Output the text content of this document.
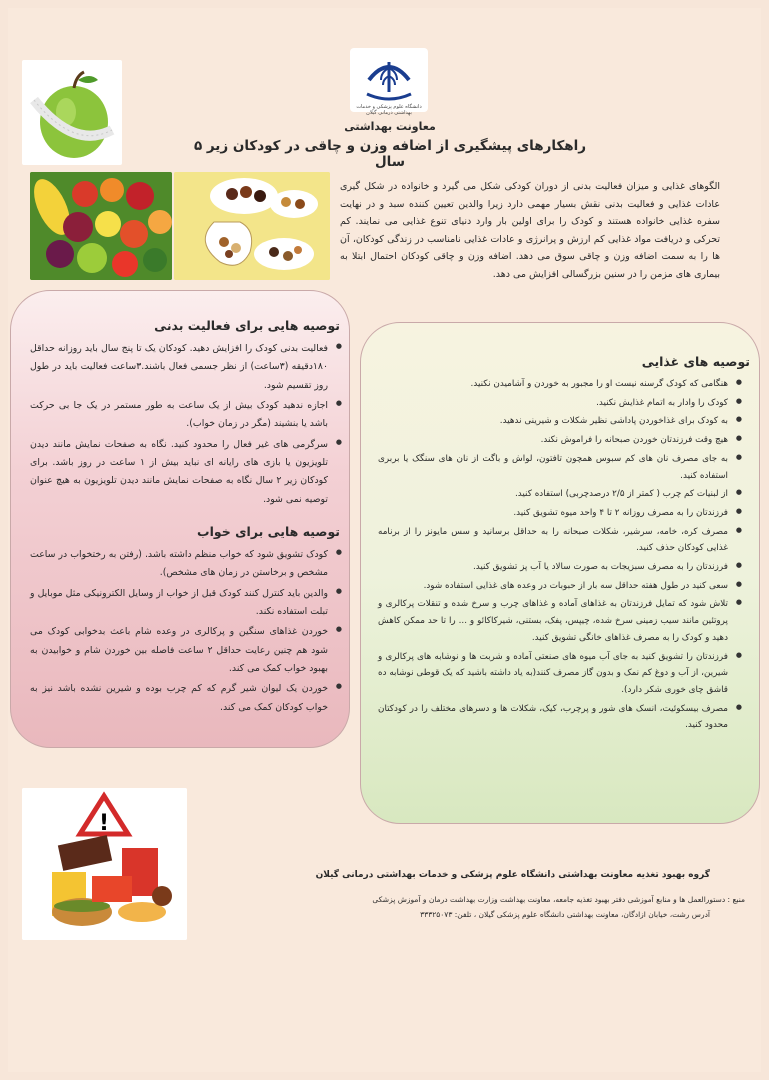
دانشگاه علوم پزشکی و خدمات بهداشتی درمانی گیلان
معاونت بهداشتی
راهکارهای پیشگیری از اضافه وزن و چاقی در کودکان زیر ۵ سال
الگوهای غذایی و میزان فعالیت بدنی از دوران کودکی شکل می گیرد و خانواده در شکل گیری عادات غذایی و فعالیت بدنی نقش بسیار مهمی دارد زیرا والدین تعیین کننده سبد و در نهایت سفره غذایی خانواده هستند و کودک را برای اولین بار وارد دنیای تنوع غذایی می نمایند. کم تحرکی و دریافت مواد غذایی کم ارزش و پرانرژی و عادات غذایی نامناسب در زندگی کودکان، آن ها را به سمت اضافه وزن و چاقی سوق می دهد. اضافه وزن و چاقی کودکان احتمال ابتلا به بیماری های مزمن را در سنین بزرگسالی افزایش می دهد.
توصیه هایی برای فعالیت بدنی
● فعالیت بدنی کودک را افزایش دهید. کودکان یک تا پنج سال باید روزانه حداقل ۱۸۰دقیقه (۳ساعت) از نظر جسمی فعال باشند.۳ساعت فعالیت باید در طول روز تقسیم شود.
● اجازه ندهید کودک بیش از یک ساعت به طور مستمر در یک جا بی حرکت باشد یا بنشیند (مگر در زمان خواب).
● سرگرمی های غیر فعال را محدود کنید. نگاه به صفحات نمایش مانند دیدن تلویزیون یا بازی های رایانه ای نباید بیش از ۱ ساعت در روز باشد. برای کودکان زیر ۲ سال نگاه به صفحات نمایش مانند دیدن تلویزیون به هیچ عنوان توصیه نمی شود.
توصیه هایی برای خواب
● کودک تشویق شود که خواب منظم داشته باشد. (رفتن به رختخواب در ساعت مشخص و برخاستن در زمان های مشخص).
● والدین باید کنترل کنند کودک قبل از خواب از وسایل الکترونیکی مثل موبایل و تبلت استفاده نکند.
● خوردن غذاهای سنگین و پرکالری در وعده شام باعث بدخوابی کودک می شود هم چنین رعایت حداقل ۲ ساعت فاصله بین خوردن شام و خوابیدن به بهبود خواب کمک می کند.
● خوردن یک لیوان شیر گرم که کم چرب بوده و شیرین نشده باشد نیز به خواب کودکان کمک می کند.
توصیه های غذایی
● هنگامی که کودک گرسنه نیست او را مجبور به خوردن و آشامیدن نکنید.
● کودک را وادار به اتمام غذایش نکنید.
● به کودک برای غذاخوردن پاداشی نظیر شکلات و شیرینی ندهید.
● هیچ وقت فرزندتان خوردن صبحانه را فراموش نکند.
● به جای مصرف نان های کم سبوس همچون تافتون، لواش و باگت از نان های سنگک یا بربری استفاده کنید.
● از لبنیات کم چرب ( کمتر از ۲/۵ درصدچربی) استفاده کنید.
● فرزندتان را به مصرف روزانه ۲ تا ۴ واحد میوه تشویق کنید.
● مصرف کره، خامه، سرشیر، شکلات صبحانه را به حداقل برسانید و سس مایونز را از برنامه غذایی کودکان حذف کنید.
● فرزندتان را به مصرف سبزیجات به صورت سالاد یا آب پز تشویق کنید.
● سعی کنید در طول هفته حداقل سه بار از حبوبات در وعده های غذایی استفاده شود.
● تلاش شود که تمایل فرزندتان به غذاهای آماده و غذاهای چرب و سرخ شده و تنقلات پرکالری و پروتئین مانند سیب زمینی سرخ شده، چیپس، پفک، بستنی، شیرکاکائو و ... را تا حد ممکن کاهش دهید و کودک را به مصرف غذاهای خانگی تشویق کنید.
● فرزندتان را تشویق کنید به جای آب میوه های صنعتی آماده و شربت ها و نوشابه های پرکالری و شیرین، از آب و دوغ کم نمک و بدون گاز مصرف کنند(به یاد داشته باشید که یک قوطی نوشابه ده قاشق چای خوری شکر دارد).
● مصرف بیسکوئیت، انسک های شور و پرچرب، کیک، شکلات ها و دسرهای مختلف را در کودکتان محدود کنید.
!
گروه بهبود تغذیه معاونت بهداشتی دانشگاه علوم پزشکی و خدمات بهداشتی درمانی گیلان
منبع : دستورالعمل ها و منابع آموزشی دفتر بهبود تغذیه جامعه، معاونت بهداشت وزارت بهداشت درمان و آموزش پزشکی
آدرس رشت، خیابان ازادگان، معاونت بهداشتی دانشگاه علوم پزشکی گیلان ، تلفن: ۳۳۳۲۵۰۷۳
